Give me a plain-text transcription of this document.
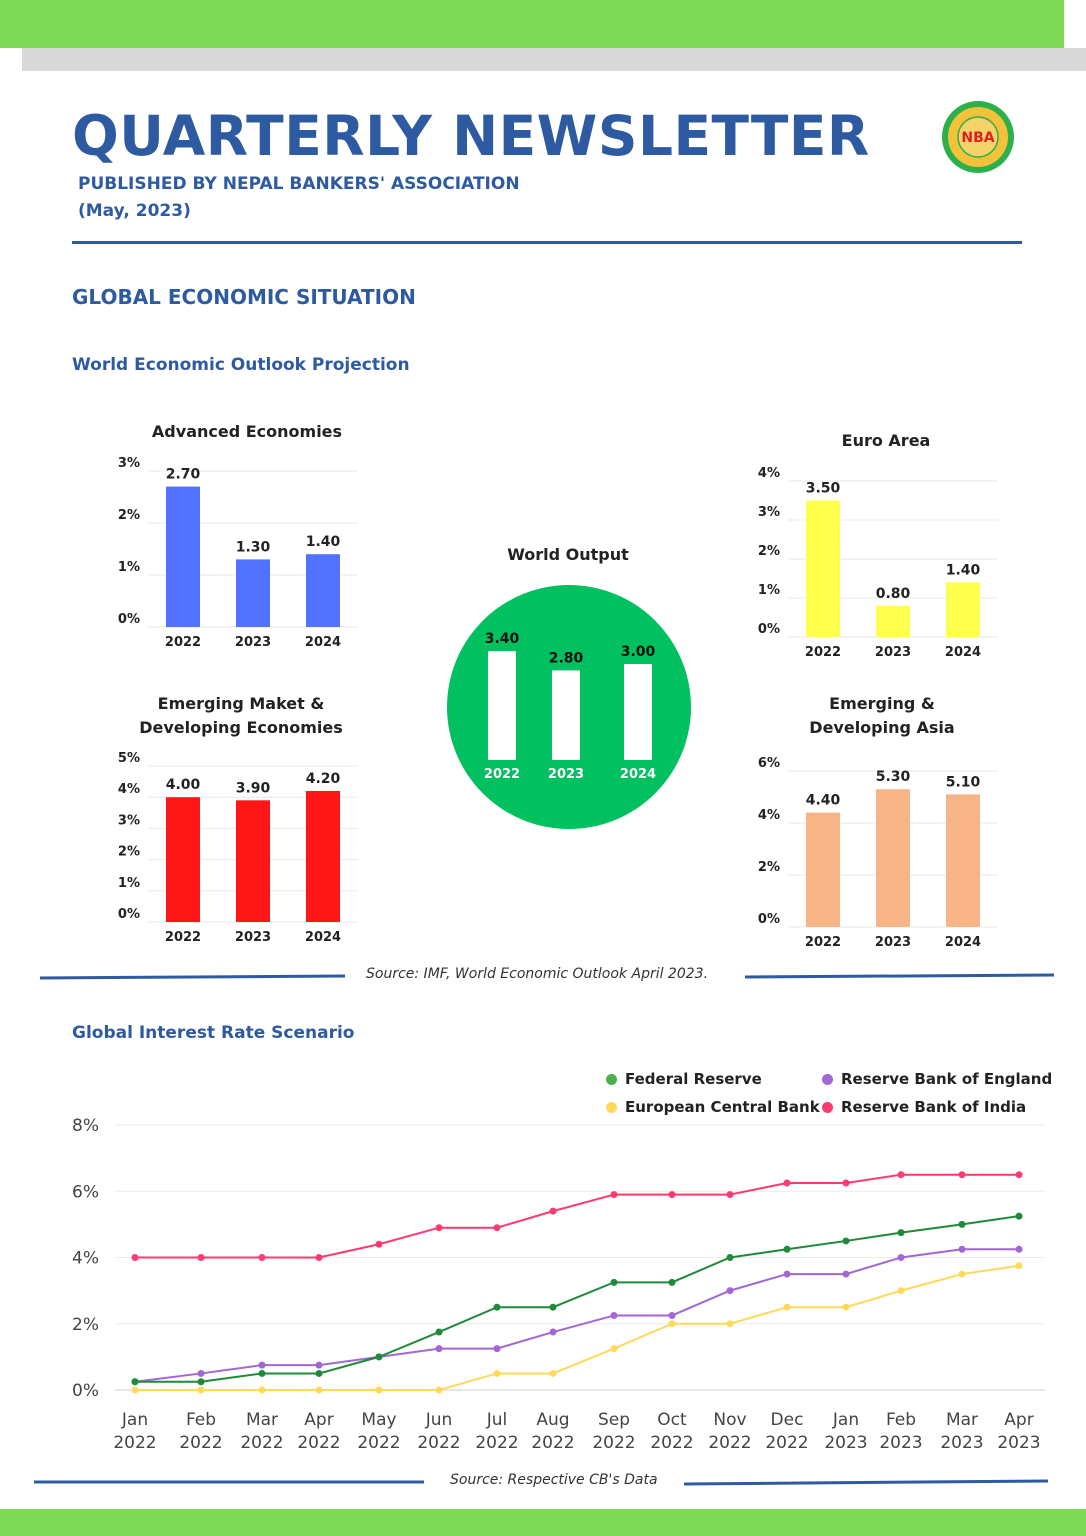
QUARTERLY NEWSLETTER
PUBLISHED BY NEPAL BANKERS' ASSOCIATION
(May, 2023)
NBA
GLOBAL ECONOMIC SITUATION
World Economic Outlook Projection
Advanced Economies
0%
1%
2%
3%
2.70
2022
1.30
2023
1.40
2024
Emerging Maket &
Developing Economies
0%
1%
2%
3%
4%
5%
4.00
2022
3.90
2023
4.20
2024
World Output
3.40
2022
2.80
2023
3.00
2024
Euro Area
0%
1%
2%
3%
4%
3.50
2022
0.80
2023
1.40
2024
Emerging &
Developing Asia
0%
2%
4%
6%
4.40
2022
5.30
2023
5.10
2024
Source: IMF, World Economic Outlook April 2023.
Global Interest Rate Scenario
Federal Reserve	Reserve Bank of England
European Central Bank Reserve Bank of India
0%
2%
4%
6%
8%
Jan
2022
Feb
2022
Mar
2022
Apr
2022
May
2022
Jun
2022
Jul
2022
Aug
2022
Sep
2022
Oct
2022
Nov
2022
Dec
2022
Jan
2023
Feb
2023
Mar
2023
Apr
2023
Source: Respective CB's Data
